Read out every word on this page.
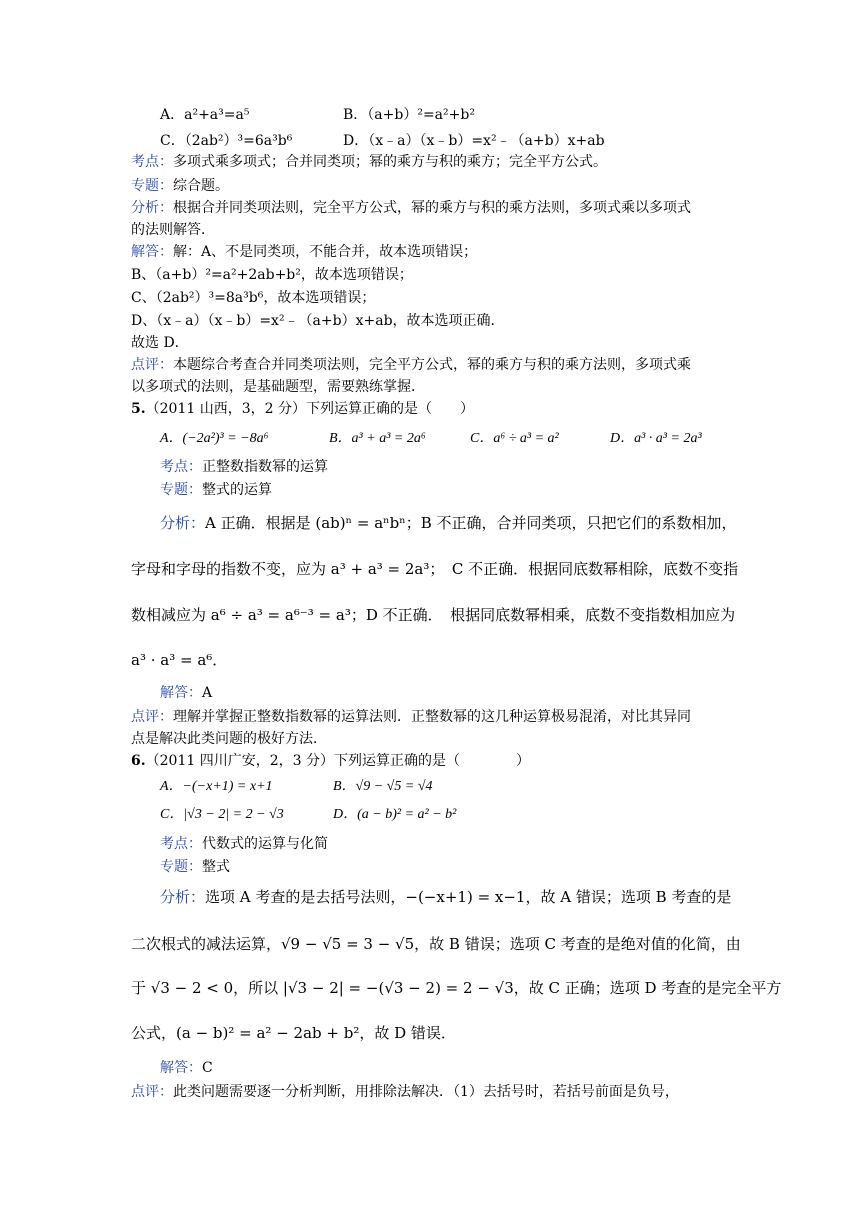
A．a²+a³=a⁵	B．（a+b）²=a²+b²
C．（2ab²）³=6a³b⁶	D．（x﹣a）（x﹣b）=x²﹣（a+b）x+ab
考点：多项式乘多项式；合并同类项；幂的乘方与积的乘方；完全平方公式。
专题：综合题。
分析：根据合并同类项法则，完全平方公式，幂的乘方与积的乘方法则，多项式乘以多项式
的法则解答．
解答：解：A、不是同类项，不能合并，故本选项错误；
B、（a+b）²=a²+2ab+b²，故本选项错误；
C、（2ab²）³=8a³b⁶，故本选项错误；
D、（x﹣a）（x﹣b）=x²﹣（a+b）x+ab，故本选项正确．
故选 D．
点评：本题综合考查合并同类项法则，完全平方公式，幂的乘方与积的乘方法则，多项式乘
以多项式的法则，是基础题型，需要熟练掌握．
5.（2011 山西，3，2 分）下列运算正确的是（　　）
A．(−2a²)³ = −8a⁶	B．a³ + a³ = 2a⁶	C．a⁶ ÷ a³ = a²	D．a³ · a³ = 2a³
考点：正整数指数幂的运算
专题：整式的运算
分析：A 正确．根据是 (ab)ⁿ = aⁿbⁿ；B 不正确，合并同类项，只把它们的系数相加，
字母和字母的指数不变，应为 a³ + a³ = 2a³；　C 不正确．根据同底数幂相除，底数不变指
数相减应为 a⁶ ÷ a³ = a⁶⁻³ = a³；D 不正确．　根据同底数幂相乘，底数不变指数相加应为
a³ · a³ = a⁶．
解答：A
点评：理解并掌握正整数指数幂的运算法则．正整数幂的这几种运算极易混淆，对比其异同
点是解决此类问题的极好方法．
6.（2011 四川广安，2，3 分）下列运算正确的是（　　　　）
A．−(−x+1) = x+1	B．√9 − √5 = √4
C．|√3 − 2| = 2 − √3	D．(a − b)² = a² − b²
考点：代数式的运算与化简
专题：整式
分析：选项 A 考查的是去括号法则，−(−x+1) = x−1，故 A 错误；选项 B 考查的是
二次根式的减法运算，√9 − √5 = 3 − √5，故 B 错误；选项 C 考查的是绝对值的化简，由
于 √3 − 2 < 0，所以 |√3 − 2| = −(√3 − 2) = 2 − √3，故 C 正确；选项 D 考查的是完全平方
公式，(a − b)² = a² − 2ab + b²，故 D 错误．
解答：C
点评：此类问题需要逐一分析判断，用排除法解决．（1）去括号时，若括号前面是负号，
